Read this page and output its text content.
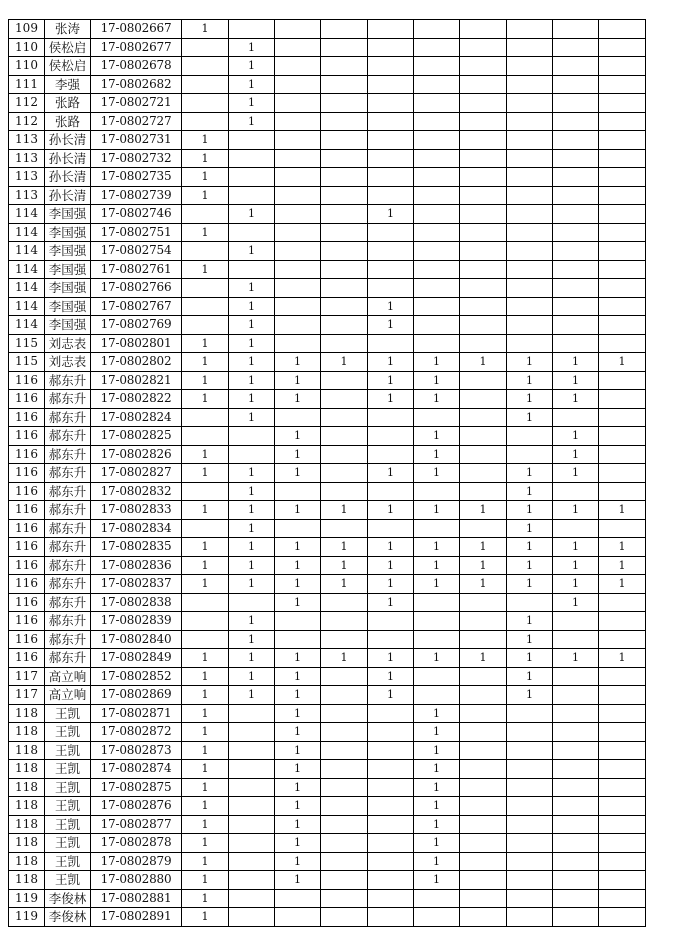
109	张涛	17-0802667	1									
110	侯松启	17-0802677		1								
110	侯松启	17-0802678		1								
111	李强	17-0802682		1								
112	张路	17-0802721		1								
112	张路	17-0802727		1								
113	孙长清	17-0802731	1									
113	孙长清	17-0802732	1									
113	孙长清	17-0802735	1									
113	孙长清	17-0802739	1									
114	李国强	17-0802746		1			1					
114	李国强	17-0802751	1									
114	李国强	17-0802754		1								
114	李国强	17-0802761	1									
114	李国强	17-0802766		1								
114	李国强	17-0802767		1			1					
114	李国强	17-0802769		1			1					
115	刘志表	17-0802801	1	1								
115	刘志表	17-0802802	1	1	1	1	1	1	1	1	1	1
116	郝东升	17-0802821	1	1	1		1	1		1	1	
116	郝东升	17-0802822	1	1	1		1	1		1	1	
116	郝东升	17-0802824		1						1		
116	郝东升	17-0802825			1			1			1	
116	郝东升	17-0802826	1		1			1			1	
116	郝东升	17-0802827	1	1	1		1	1		1	1	
116	郝东升	17-0802832		1						1		
116	郝东升	17-0802833	1	1	1	1	1	1	1	1	1	1
116	郝东升	17-0802834		1						1		
116	郝东升	17-0802835	1	1	1	1	1	1	1	1	1	1
116	郝东升	17-0802836	1	1	1	1	1	1	1	1	1	1
116	郝东升	17-0802837	1	1	1	1	1	1	1	1	1	1
116	郝东升	17-0802838			1		1				1	
116	郝东升	17-0802839		1						1		
116	郝东升	17-0802840		1						1		
116	郝东升	17-0802849	1	1	1	1	1	1	1	1	1	1
117	高立响	17-0802852	1	1	1		1			1		
117	高立响	17-0802869	1	1	1		1			1		
118	王凯	17-0802871	1		1			1				
118	王凯	17-0802872	1		1			1				
118	王凯	17-0802873	1		1			1				
118	王凯	17-0802874	1		1			1				
118	王凯	17-0802875	1		1			1				
118	王凯	17-0802876	1		1			1				
118	王凯	17-0802877	1		1			1				
118	王凯	17-0802878	1		1			1				
118	王凯	17-0802879	1		1			1				
118	王凯	17-0802880	1		1			1				
119	李俊林	17-0802881	1									
119	李俊林	17-0802891	1									
